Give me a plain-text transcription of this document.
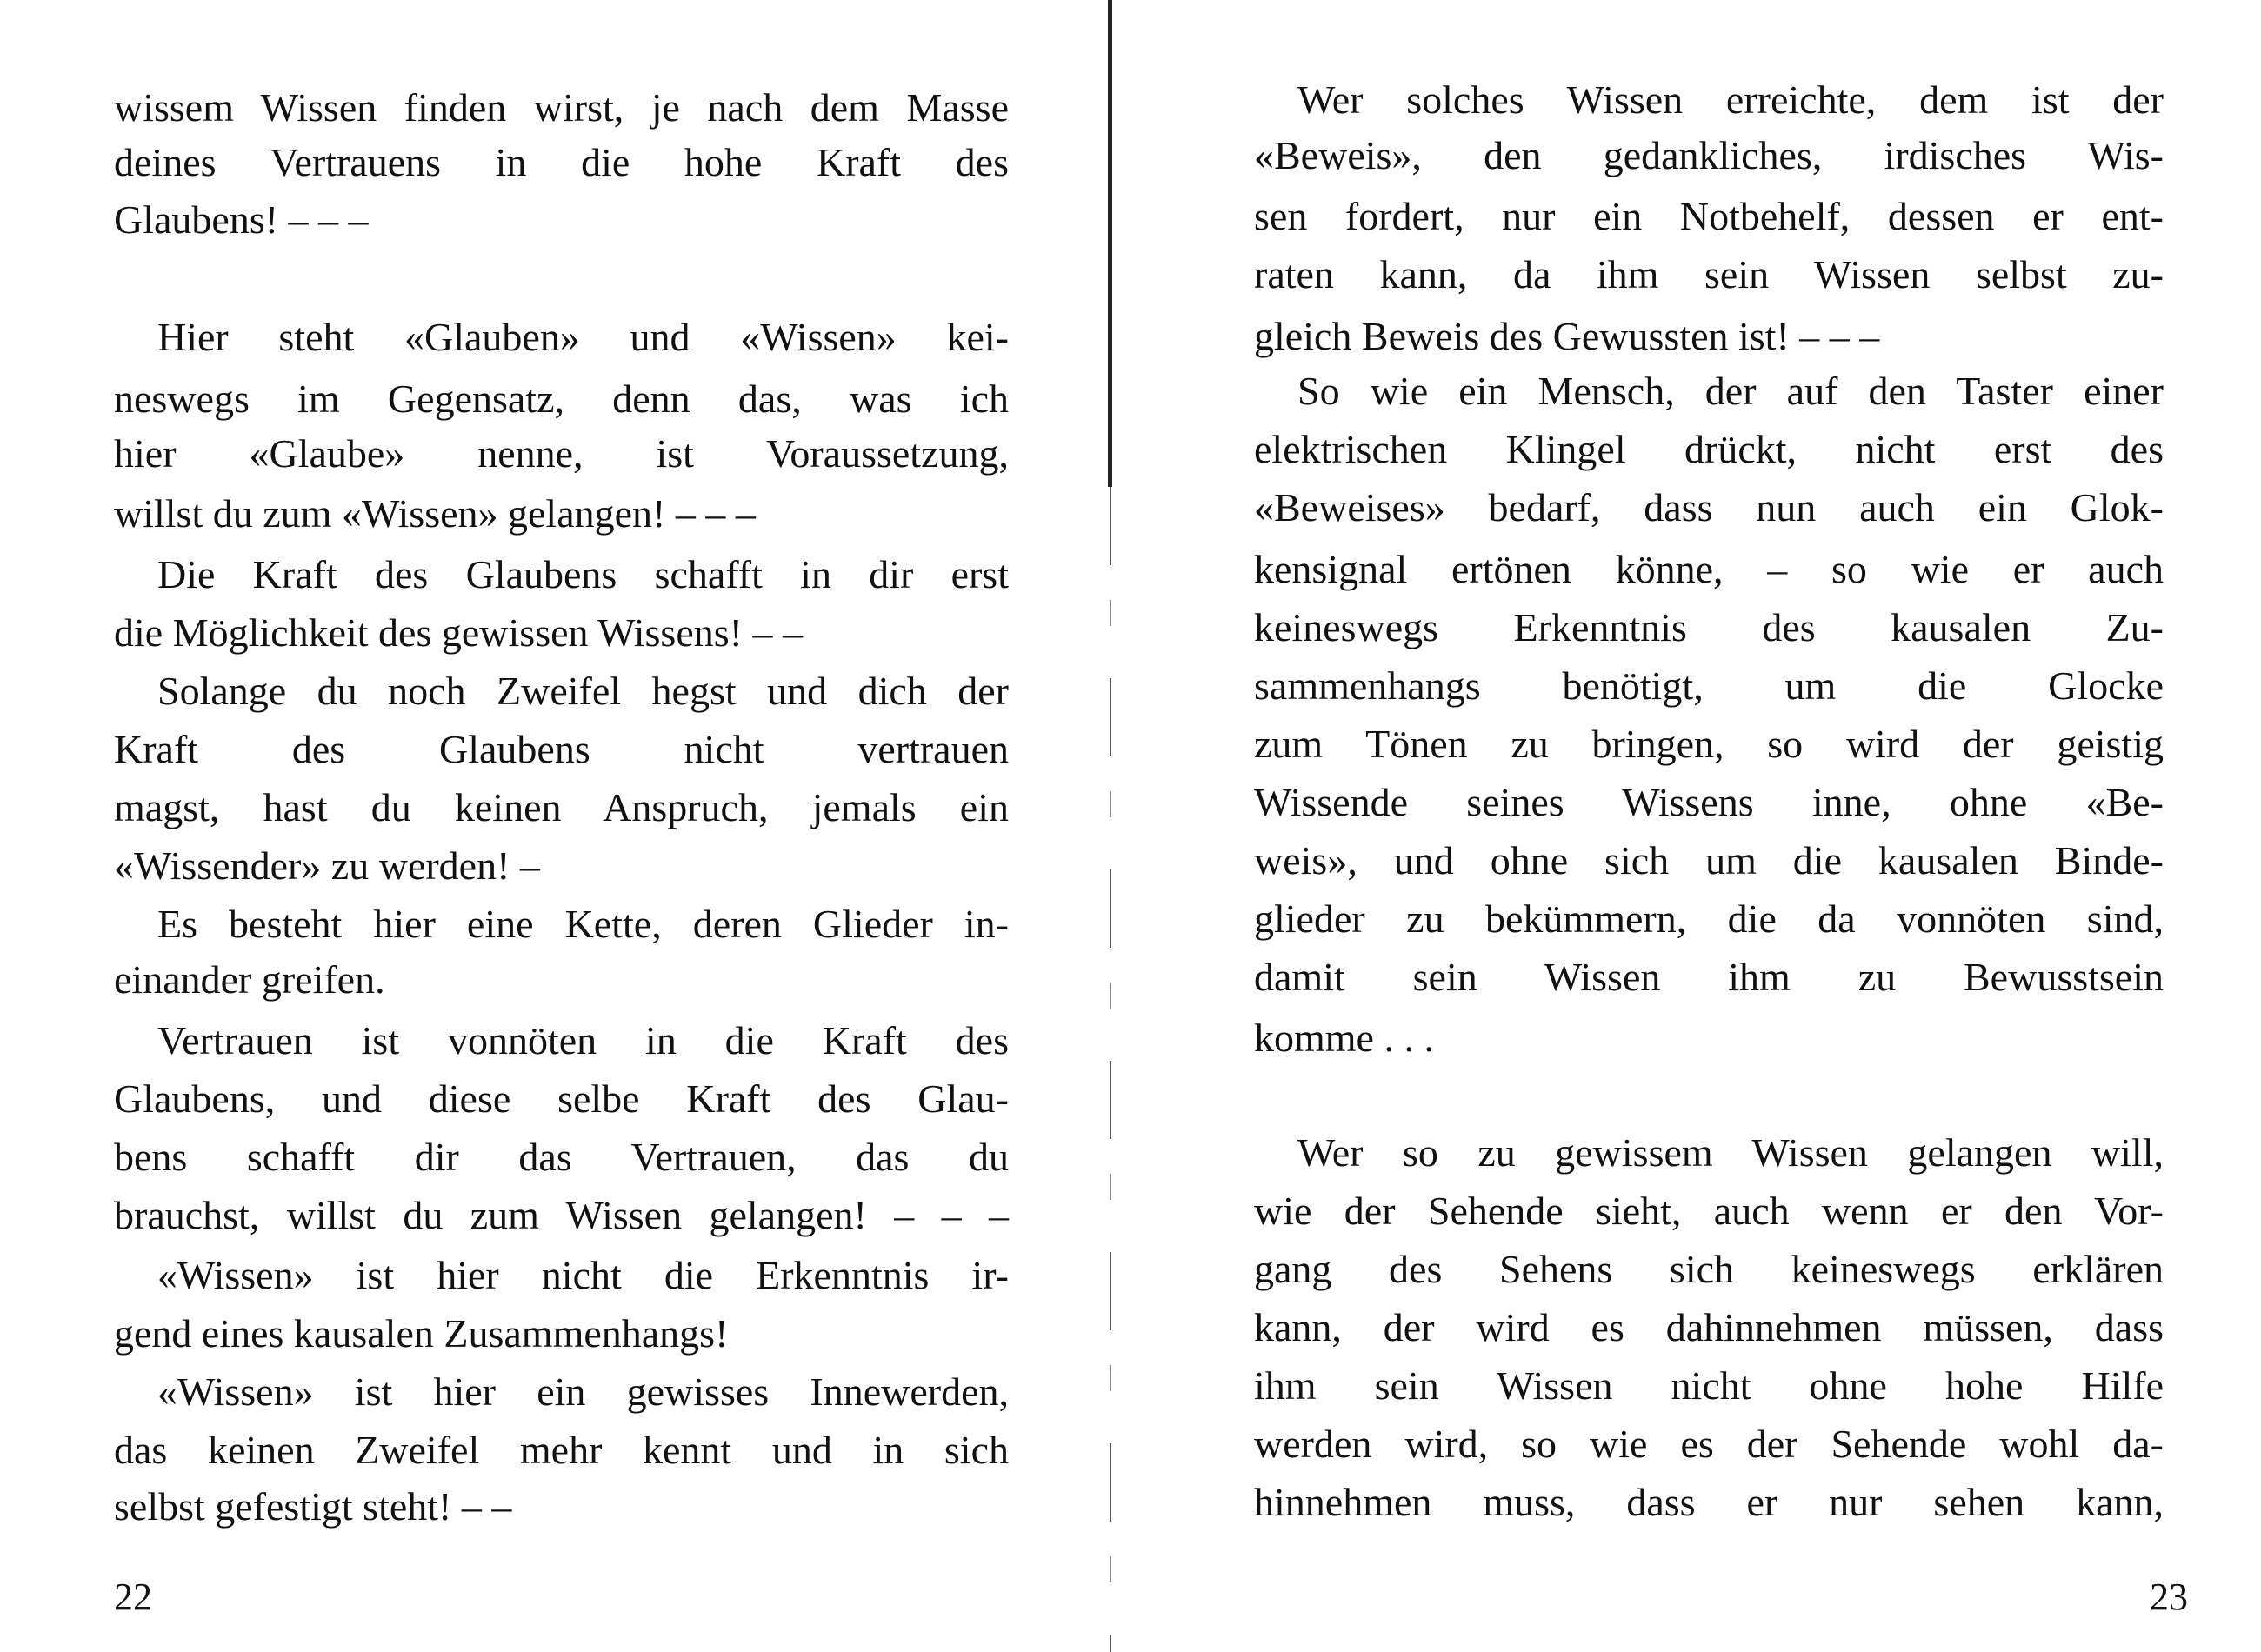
22
wissem Wissen finden wirst, je nach dem Masse
deines Vertrauens in die hohe Kraft des
Glaubens! – – –
Hier steht «Glauben» und «Wissen» kei-
neswegs im Gegensatz, denn das, was ich
hier «Glaube» nenne, ist Voraussetzung,
willst du zum «Wissen» gelangen! – – –
Die Kraft des Glaubens schafft in dir erst
die Möglichkeit des gewissen Wissens! – –
Solange du noch Zweifel hegst und dich der
Kraft des Glaubens nicht vertrauen
magst, hast du keinen Anspruch, jemals ein
«Wissender» zu werden! –
Es besteht hier eine Kette, deren Glieder in-
einander greifen.
Vertrauen ist vonnöten in die Kraft des
Glaubens, und diese selbe Kraft des Glau-
bens schafft dir das Vertrauen, das du
brauchst, willst du zum Wissen gelangen! – – –
«Wissen» ist hier nicht die Erkenntnis ir-
gend eines kausalen Zusammenhangs!
«Wissen» ist hier ein gewisses Innewerden,
das keinen Zweifel mehr kennt und in sich
selbst gefestigt steht! – –
23
Wer solches Wissen erreichte, dem ist der
«Beweis», den gedankliches, irdisches Wis-
sen fordert, nur ein Notbehelf, dessen er ent-
raten kann, da ihm sein Wissen selbst zu-
gleich Beweis des Gewussten ist! – – –
So wie ein Mensch, der auf den Taster einer
elektrischen Klingel drückt, nicht erst des
«Beweises» bedarf, dass nun auch ein Glok-
kensignal ertönen könne, – so wie er auch
keineswegs Erkenntnis des kausalen Zu-
sammenhangs benötigt, um die Glocke
zum Tönen zu bringen, so wird der geistig
Wissende seines Wissens inne, ohne «Be-
weis», und ohne sich um die kausalen Binde-
glieder zu bekümmern, die da vonnöten sind,
damit sein Wissen ihm zu Bewusstsein
komme . . .
Wer so zu gewissem Wissen gelangen will,
wie der Sehende sieht, auch wenn er den Vor-
gang des Sehens sich keineswegs erklären
kann, der wird es dahinnehmen müssen, dass
ihm sein Wissen nicht ohne hohe Hilfe
werden wird, so wie es der Sehende wohl da-
hinnehmen muss, dass er nur sehen kann,
